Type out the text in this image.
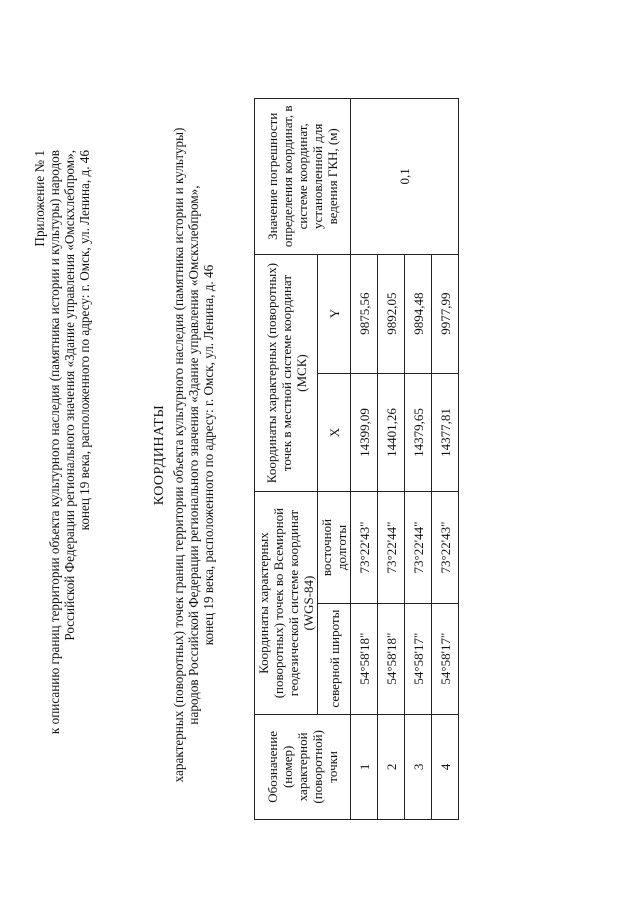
Приложение № 1 к описанию границ территории объекта культурного наследия (памятника истории и культуры) народов Российской Федерации регионального значения «Здание управления «Омскхлебпром», конец 19 века, расположенного по адресу: г. Омск, ул. Ленина, д. 46	КООРДИНАТЫ характерных (поворотных) точек границ территории объекта культурного наследия (памятника истории и культуры) народов Российской Федерации регионального значения «Здание управления «Омскхлебпром», конец 19 века, расположенного по адресу: г. Омск, ул. Ленина, д. 46
Обозначение (номер) характерной (поворотной) точки	Координаты характерных (поворотных) точек во Всемирной геодезической системе координат (WGS-84)		Координаты характерных (поворотных) точек в местной системе координат (МСК)		Значение погрешности определения координат, в системе координат, установленной для ведения ГКН, (м)
	северной широты	восточной долготы	X	Y	
1	54°58'18"	73°22'43"	14399,09	9875,56	0,1
2	54°58'18"	73°22'44"	14401,26	9892,05	
3	54°58'17"	73°22'44"	14379,65	9894,48	
4	54°58'17"	73°22'43"	14377,81	9977,99	
